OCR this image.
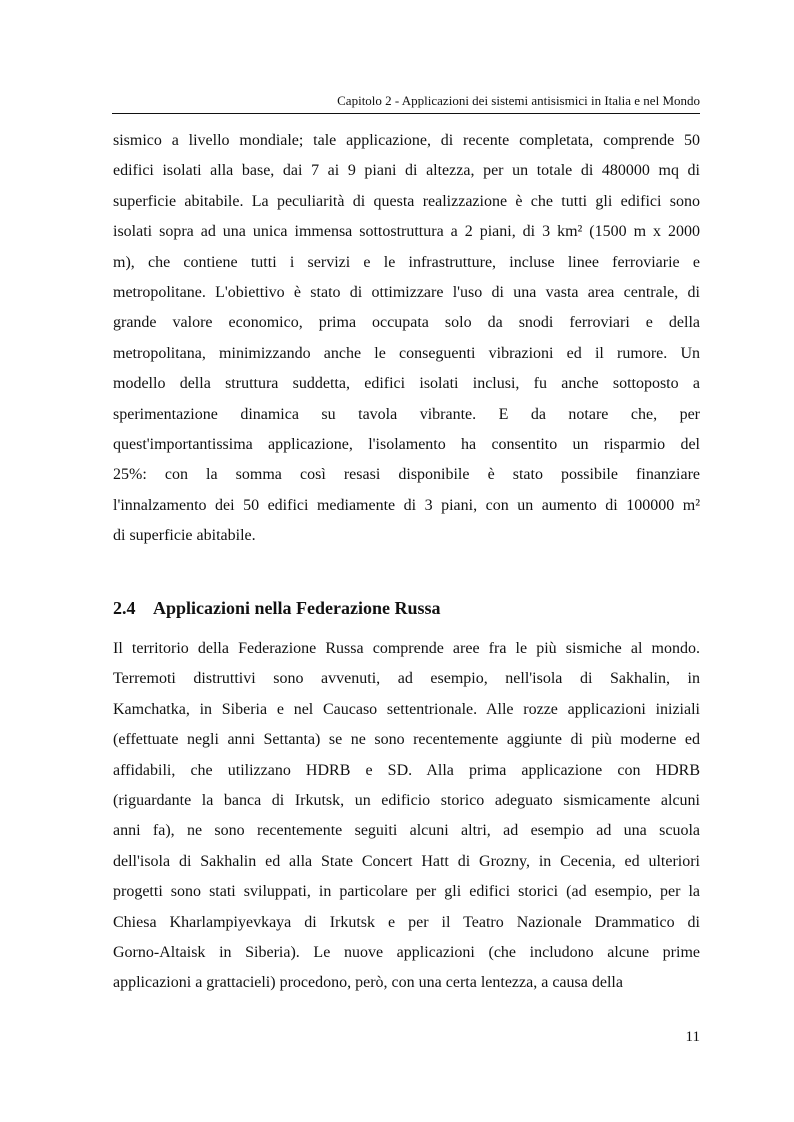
Capitolo 2 - Applicazioni dei sistemi antisismici in Italia e nel Mondo
sismico a livello mondiale; tale applicazione, di recente completata, comprende 50
edifici isolati alla base, dai 7 ai 9 piani di altezza, per un totale di 480000 mq di
superficie abitabile. La peculiarità di questa realizzazione è che tutti gli edifici sono
isolati sopra ad una unica immensa sottostruttura a 2 piani, di 3 km² (1500 m x 2000
m), che contiene tutti i servizi e le infrastrutture, incluse linee ferroviarie e
metropolitane. L'obiettivo è stato di ottimizzare l'uso di una vasta area centrale, di
grande valore economico, prima occupata solo da snodi ferroviari e della
metropolitana, minimizzando anche le conseguenti vibrazioni ed il rumore. Un
modello della struttura suddetta, edifici isolati inclusi, fu anche sottoposto a
sperimentazione dinamica su tavola vibrante. E da notare che, per
quest'importantissima applicazione, l'isolamento ha consentito un risparmio del
25%: con la somma così resasi disponibile è stato possibile finanziare
l'innalzamento dei 50 edifici mediamente di 3 piani, con un aumento di 100000 m²
di superficie abitabile.
2.4 Applicazioni nella Federazione Russa
Il territorio della Federazione Russa comprende aree fra le più sismiche al mondo.
Terremoti distruttivi sono avvenuti, ad esempio, nell'isola di Sakhalin, in
Kamchatka, in Siberia e nel Caucaso settentrionale. Alle rozze applicazioni iniziali
(effettuate negli anni Settanta) se ne sono recentemente aggiunte di più moderne ed
affidabili, che utilizzano HDRB e SD. Alla prima applicazione con HDRB
(riguardante la banca di Irkutsk, un edificio storico adeguato sismicamente alcuni
anni fa), ne sono recentemente seguiti alcuni altri, ad esempio ad una scuola
dell'isola di Sakhalin ed alla State Concert Hatt di Grozny, in Cecenia, ed ulteriori
progetti sono stati sviluppati, in particolare per gli edifici storici (ad esempio, per la
Chiesa Kharlampiyevkaya di Irkutsk e per il Teatro Nazionale Drammatico di
Gorno-Altaisk in Siberia). Le nuove applicazioni (che includono alcune prime
applicazioni a grattacieli) procedono, però, con una certa lentezza, a causa della
11
